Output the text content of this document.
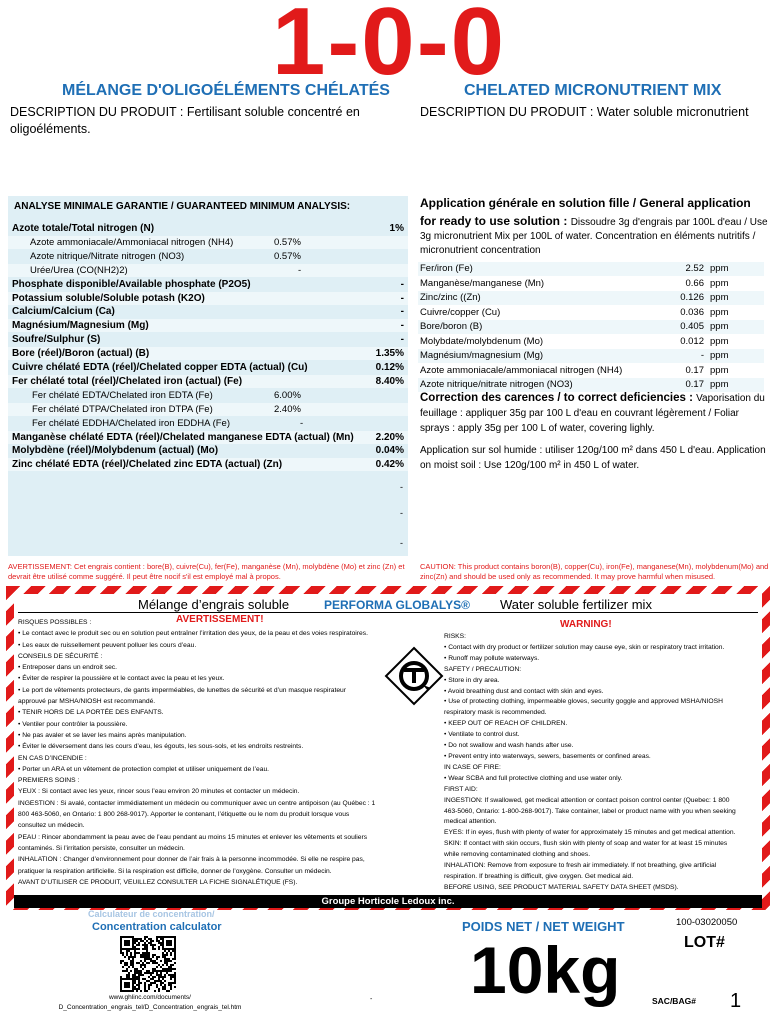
1-0-0
MÉLANGE D'OLIGOÉLÉMENTS CHÉLATÉS	CHELATED MICRONUTRIENT MIX
DESCRIPTION DU PRODUIT : Fertilisant soluble concentré en
oligoéléments.
DESCRIPTION DU PRODUIT : Water soluble micronutrient
ANALYSE MINIMALE GARANTIE / GUARANTEED MINIMUM ANALYSIS:
Azote totale/Total nitrogen (N)	1%
Azote ammoniacale/Ammoniacal nitrogen (NH4)	0.57%
Azote nitrique/Nitrate nitrogen (NO3)	0.57%
Urée/Urea (CO(NH2)2)	-
Phosphate disponible/Available phosphate (P2O5)	-
Potassium soluble/Soluble potash (K2O)	-
Calcium/Calcium (Ca)	-
Magnésium/Magnesium (Mg)	-
Soufre/Sulphur (S)	-
Bore (réel)/Boron (actual) (B)	1.35%
Cuivre chélaté EDTA (réel)/Chelated copper EDTA (actual) (Cu)	0.12%
Fer chélaté total (réel)/Chelated iron (actual) (Fe)	8.40%
Fer chélaté EDTA/Chelated iron EDTA (Fe)	6.00%
Fer chélaté DTPA/Chelated iron DTPA (Fe)	2.40%
Fer chélaté EDDHA/Chelated iron EDDHA (Fe)	-
Manganèse chélaté EDTA (réel)/Chelated manganese EDTA (actual) (Mn) 2.20%
Molybdène (réel)/Molybdenum (actual) (Mo)	0.04%
Zinc chélaté EDTA (réel)/Chelated zinc EDTA (actual) (Zn)	0.42%
-
-
-
Application générale en solution fille / General application
for ready to use solution : Dissoudre 3g d'engrais par 100L d'eau / Use
3g micronutrient Mix per 100L of water. Concentration en éléments nutritifs /
micronutrient concentration
Fer/iron (Fe)	2.52 ppm
Manganèse/manganese (Mn)	0.66 ppm
Zinc/zinc ((Zn)	0.126 ppm
Cuivre/copper (Cu)	0.036 ppm
Bore/boron (B)	0.405 ppm
Molybdate/molybdenum (Mo)	0.012 ppm
Magnésium/magnesium (Mg)	- ppm
Azote ammoniacale/ammoniacal nitrogen (NH4)	0.17 ppm
Azote nitrique/nitrate nitrogen (NO3)	0.17 ppm
Correction des carences / to correct deficiencies : Vaporisation du
feuillage : appliquer 35g par 100 L d'eau en couvrant légèrement / Foliar
sprays : apply 35g per 100 L of water, covering lighly.
Application sur sol humide : utiliser 120g/100 m² dans 450 L d'eau. Application
on moist soil : Use 120g/100 m² in 450 L of water.
AVERTISSEMENT: Cet engrais contient : bore(B), cuivre(Cu), fer(Fe), manganèse (Mn), molybdène (Mo) et zinc (Zn) et
devrait être utilisé comme suggéré. Il peut être nocif s'il est employé mal à propos.
CAUTION: This product contains boron(B), copper(Cu), iron(Fe), manganese(Mn), molybdenum(Mo) and
zinc(Zn) and should be used only as recommended. It may prove harmful when misused.
Mélange d’engrais soluble	PERFORMA GLOBALYS® Water soluble fertilizer mix
AVERTISSEMENT!	WARNING!
RISQUES POSSIBLES :
• Le contact avec le produit sec ou en solution peut entraîner l’irritation des yeux, de la peau et des voies respiratoires.
• Les eaux de ruissellement peuvent polluer les cours d’eau.
CONSEILS DE SÉCURITÉ :
• Entreposer dans un endroit sec.
• Éviter de respirer la poussière et le contact avec la peau et les yeux.
• Le port de vêtements protecteurs, de gants imperméables, de lunettes de sécurité et d’un masque respirateur
approuvé par MSHA/NIOSH est recommandé.
• TENIR HORS DE LA PORTÉE DES ENFANTS.
• Ventiler pour contrôler la poussière.
• Ne pas avaler et se laver les mains après manipulation.
• Éviter le déversement dans les cours d’eau, les égouts, les sous-sols, et les endroits restreints.
EN CAS D’INCENDIE :
• Porter un ARA et un vêtement de protection complet et utiliser uniquement de l’eau.
PREMIERS SOINS :
YEUX : Si contact avec les yeux, rincer sous l’eau environ 20 minutes et contacter un médecin.
INGESTION : Si avalé, contacter immédiatement un médecin ou communiquer avec un centre antipoison (au Québec : 1
800 463-5060, en Ontario: 1 800 268-9017). Apporter le contenant, l’étiquette ou le nom du produit lorsque vous
consultez un médecin.
PEAU : Rincer abondamment la peau avec de l’eau pendant au moins 15 minutes et enlever les vêtements et souliers
contaminés. Si l’irritation persiste, consulter un médecin.
INHALATION : Changer d’environnement pour donner de l’air frais à la personne incommodée. Si elle ne respire pas,
pratiquer la respiration artificielle. Si la respiration est difficile, donner de l’oxygène. Consulter un médecin.
AVANT D’UTILISER CE PRODUIT, VEUILLEZ CONSULTER LA FICHE SIGNALÉTIQUE (FS).
RISKS:
• Contact with dry product or fertilizer solution may cause eye, skin or respiratory tract irritation.
• Runoff may pollute waterways.
SAFETY / PRECAUTION:
• Store in dry area.
• Avoid breathing dust and contact with skin and eyes.
• Use of protecting clothing, impermeable gloves, security goggle and approved MSHA/NIOSH
respiratory mask is recommended.
• KEEP OUT OF REACH OF CHILDREN.
• Ventilate to control dust.
• Do not swallow and wash hands after use.
• Prevent entry into waterways, sewers, basements or confined areas.
IN CASE OF FIRE:
• Wear SCBA and full protective clothing and use water only.
FIRST AID:
INGESTION: If swallowed, get medical attention or contact poison control center (Quebec: 1 800
463-5060, Ontario: 1-800-268-9017). Take container, label or product name with you when seeking
medical attention.
EYES: If in eyes, flush with plenty of water for approximately 15 minutes and get medical attention.
SKIN: If contact with skin occurs, flush skin with plenty of soap and water for at least 15 minutes
while removing contaminated clothing and shoes.
INHALATION: Remove from exposure to fresh air immediately. If not breathing, give artificial
respiration. If breathing is difficult, give oxygen. Get medical aid.
BEFORE USING, SEE PRODUCT MATERIAL SAFETY DATA SHEET (MSDS).
Groupe Horticole Ledoux inc.
Calculateur de concentration/
Concentration calculator
www.ghlinc.com/documents/
D_Concentration_engrais_tel/D_Concentration_engrais_tel.htm
POIDS NET / NET WEIGHT
10kg
100-03020050
LOT#
SAC/BAG# 1
-
